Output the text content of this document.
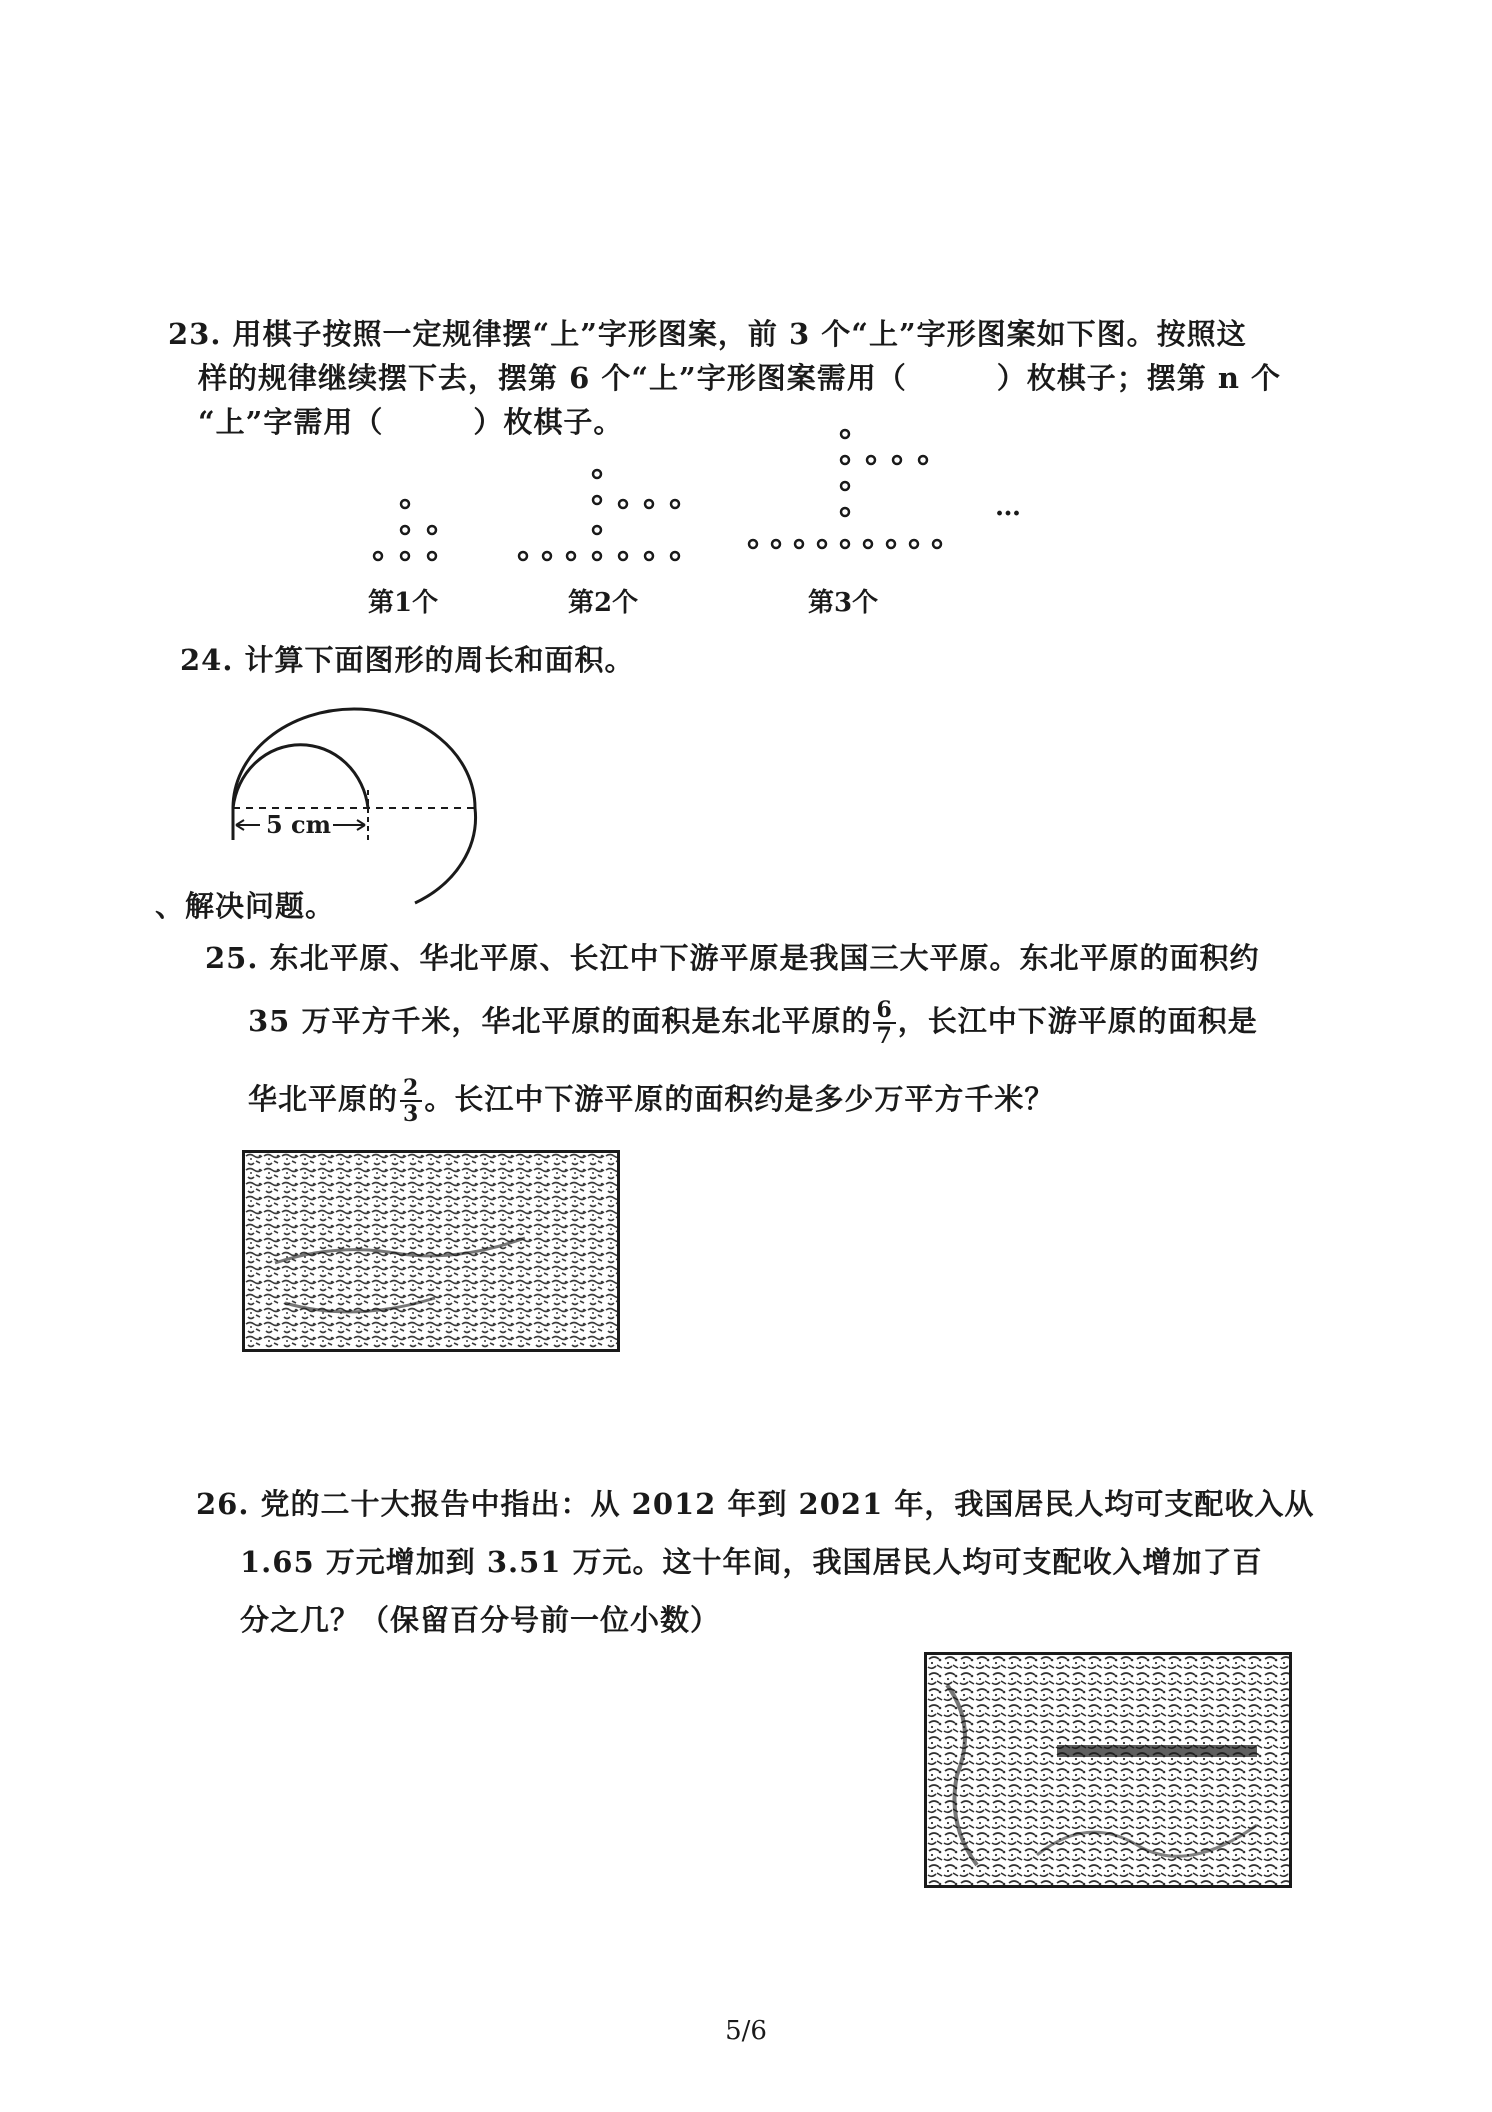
23. 用棋子按照一定规律摆“上”字形图案，前 3 个“上”字形图案如下图。按照这
样的规律继续摆下去，摆第 6 个“上”字形图案需用（	）枚棋子；摆第 n 个
“上”字需用（	）枚棋子。
…
第1个	第2个	第3个
24. 计算下面图形的周长和面积。
5 cm
、解决问题。
25. 东北平原、华北平原、长江中下游平原是我国三大平原。东北平原的面积约
35 万平方千米，华北平原的面积是东北平原的 $\frac{6}{7}$ ，长江中下游平原的面积是
华北平原的 $\frac{2}{3}$ 。长江中下游平原的面积约是多少万平方千米？
26. 党的二十大报告中指出：从 2012 年到 2021 年，我国居民人均可支配收入从
1.65 万元增加到 3.51 万元。这十年间，我国居民人均可支配收入增加了百
分之几？（保留百分号前一位小数）
5/6
